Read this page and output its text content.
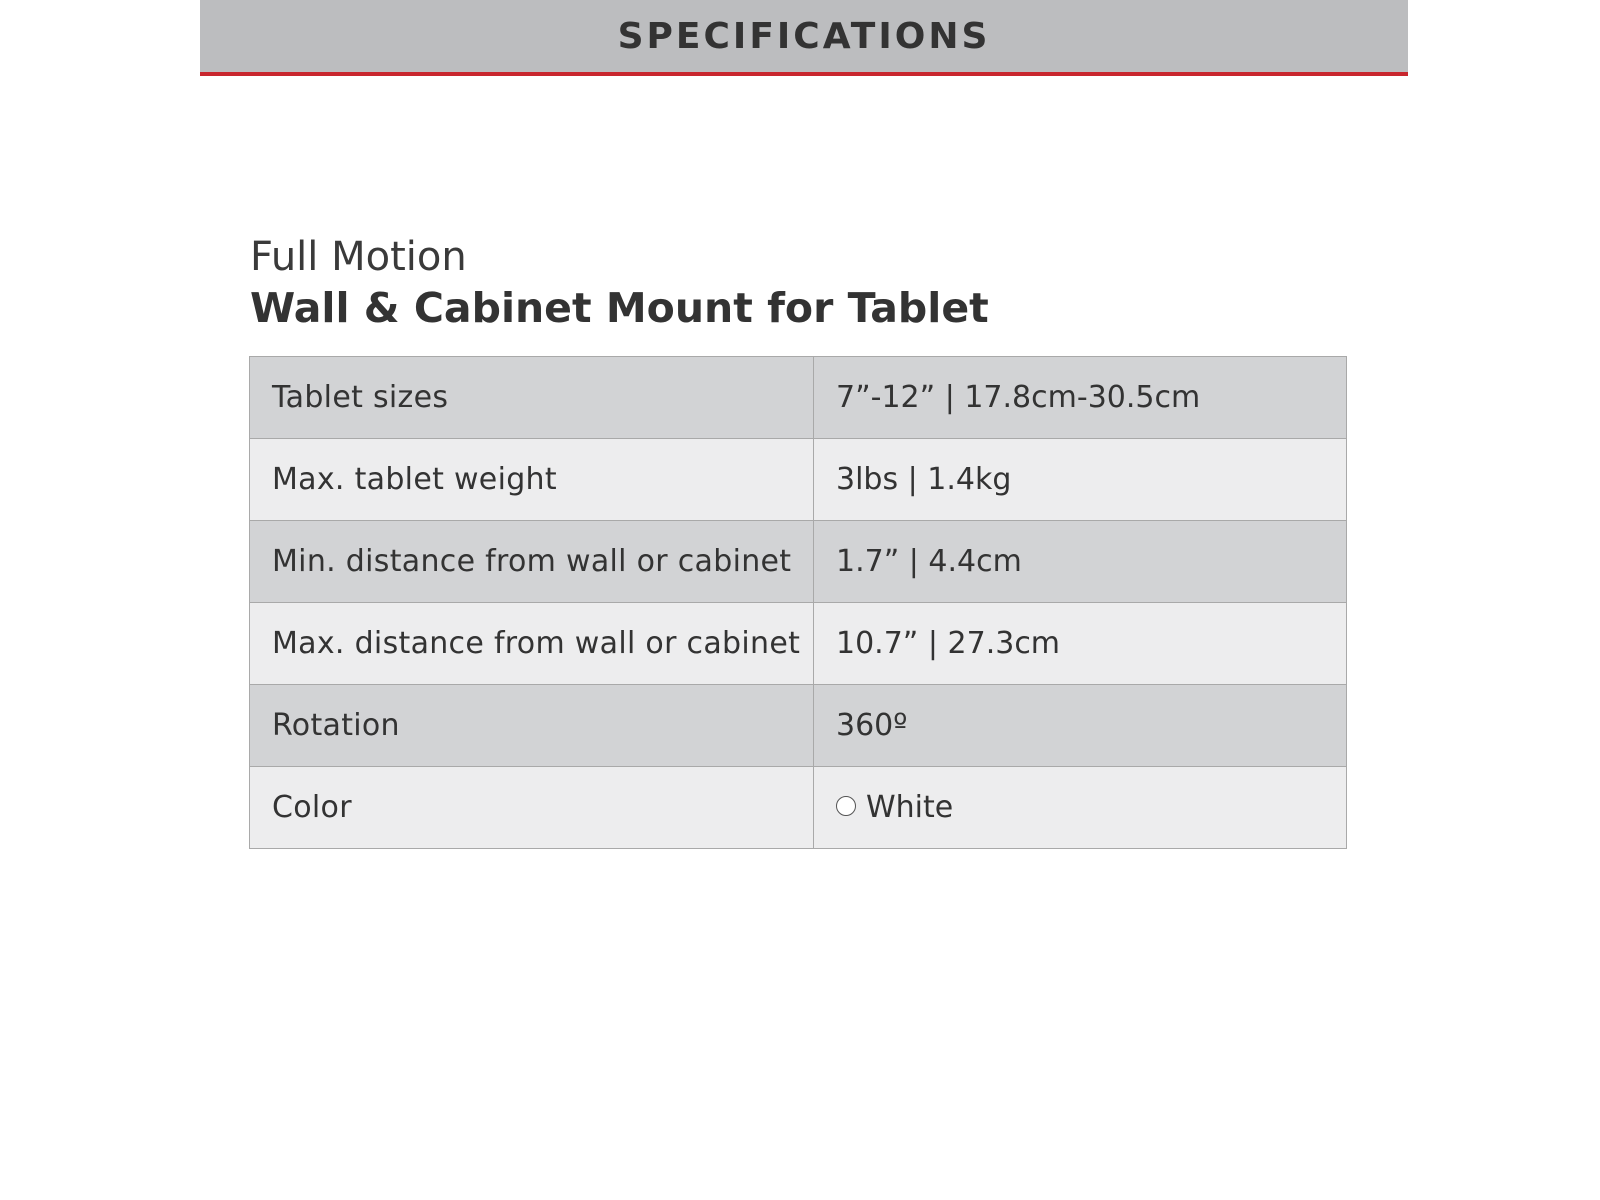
SPECIFICATIONS
Full Motion
Wall & Cabinet Mount for Tablet
Tablet sizes	7”-12” | 17.8cm-30.5cm
Max. tablet weight	3lbs | 1.4kg
Min. distance from wall or cabinet	1.7” | 4.4cm
Max. distance from wall or cabinet	10.7” | 27.3cm
Rotation	360º
Color	White
